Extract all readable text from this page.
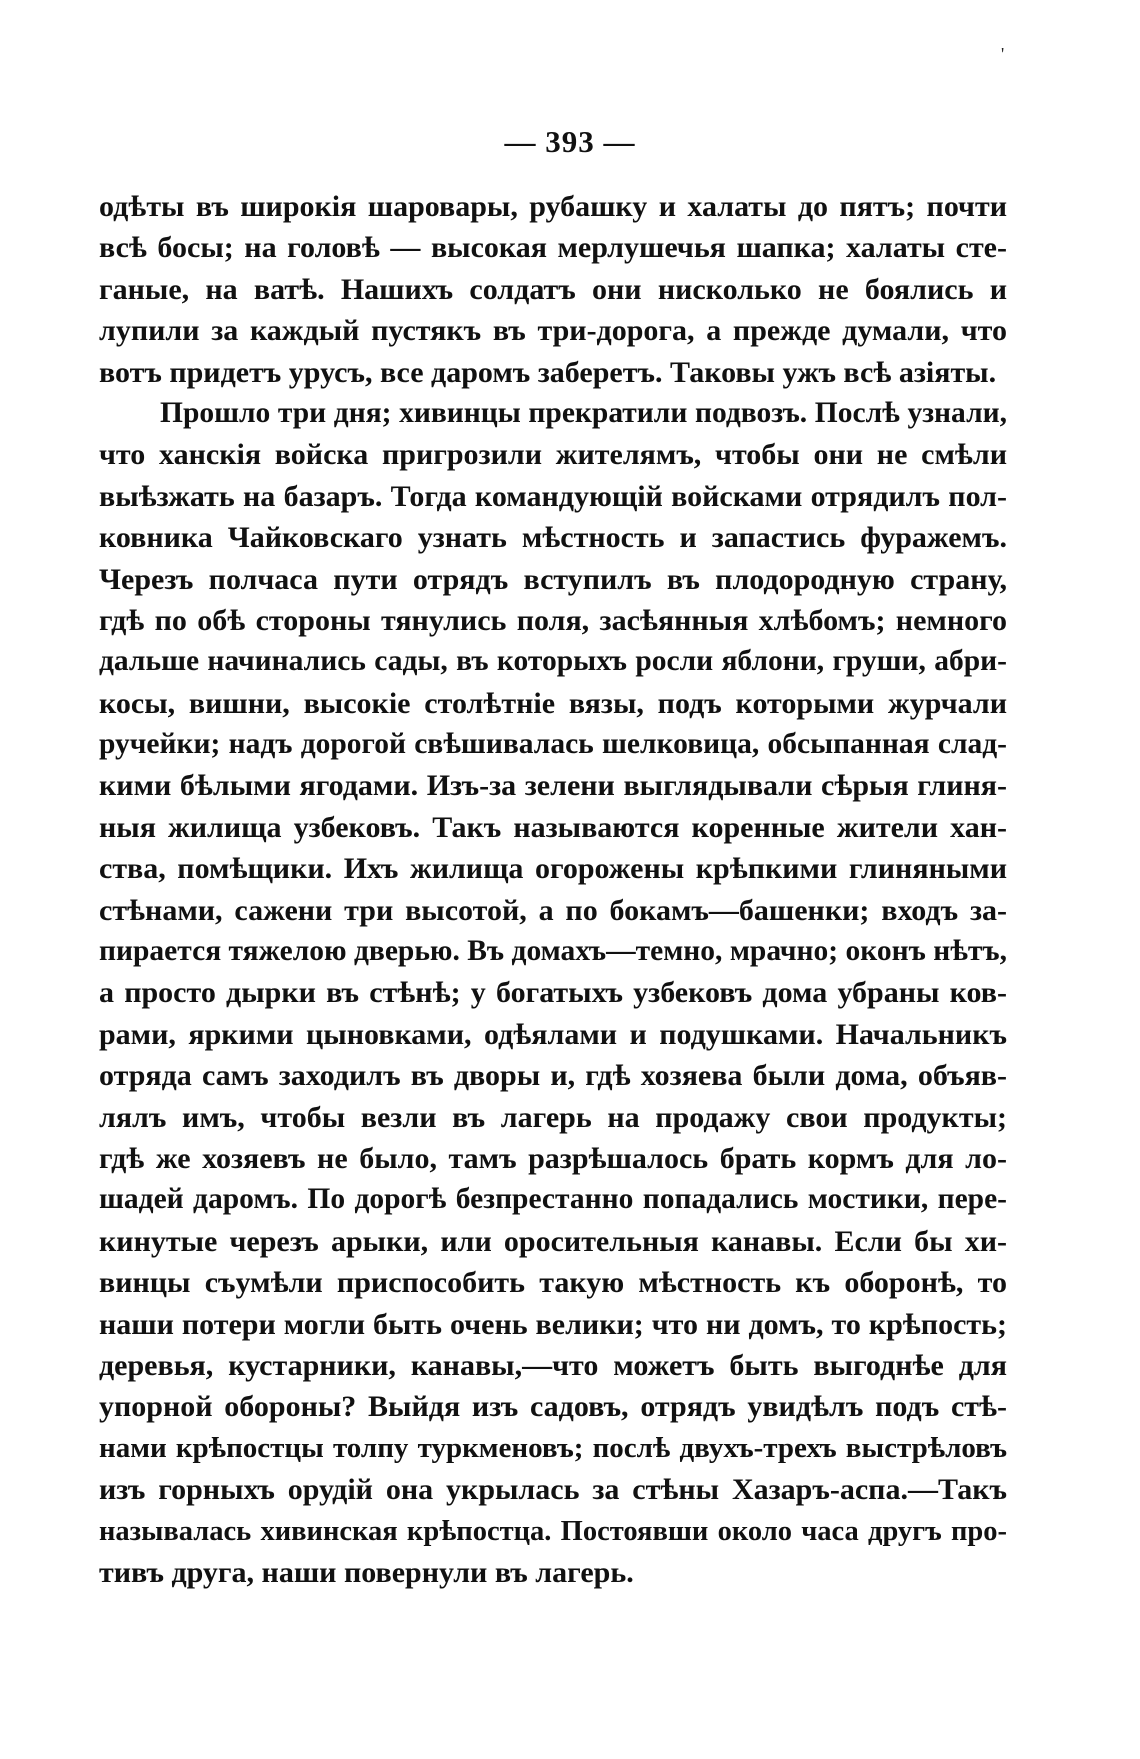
'
— 393 —
одѣты въ широкія шаровары, рубашку и халаты до пятъ; почти
всѣ босы; на головѣ — высокая мерлушечья шапка; халаты сте-
ганые, на ватѣ. Нашихъ солдатъ они нисколько не боялись и
лупили за каждый пустякъ въ три-дорога, а прежде думали, что
вотъ придетъ урусъ, все даромъ заберетъ. Таковы ужъ всѣ азіяты.
Прошло три дня; хивинцы прекратили подвозъ. Послѣ узнали,
что ханскія войска пригрозили жителямъ, чтобы они не смѣли
выѣзжать на базаръ. Тогда командующій войсками отрядилъ пол-
ковника Чайковскаго узнать мѣстность и запастись фуражемъ.
Черезъ полчаса пути отрядъ вступилъ въ плодородную страну,
гдѣ по обѣ стороны тянулись поля, засѣянныя хлѣбомъ; немного
дальше начинались сады, въ которыхъ росли яблони, груши, абри-
косы, вишни, высокіе столѣтніе вязы, подъ которыми журчали
ручейки; надъ дорогой свѣшивалась шелковица, обсыпанная слад-
кими бѣлыми ягодами. Изъ-за зелени выглядывали сѣрыя глиня-
ныя жилища узбековъ. Такъ называются коренные жители хан-
ства, помѣщики. Ихъ жилища огорожены крѣпкими глиняными
стѣнами, сажени три высотой, а по бокамъ—башенки; входъ за-
пирается тяжелою дверью. Въ домахъ—темно, мрачно; оконъ нѣтъ,
а просто дырки въ стѣнѣ; у богатыхъ узбековъ дома убраны ков-
рами, яркими цыновками, одѣялами и подушками. Начальникъ
отряда самъ заходилъ въ дворы и, гдѣ хозяева были дома, объяв-
лялъ имъ, чтобы везли въ лагерь на продажу свои продукты;
гдѣ же хозяевъ не было, тамъ разрѣшалось брать кормъ для ло-
шадей даромъ. По дорогѣ безпрестанно попадались мостики, пере-
кинутые черезъ арыки, или оросительныя канавы. Если бы хи-
винцы съумѣли приспособить такую мѣстность къ оборонѣ, то
наши потери могли быть очень велики; что ни домъ, то крѣпость;
деревья, кустарники, канавы,—что можетъ быть выгоднѣе для
упорной обороны? Выйдя изъ садовъ, отрядъ увидѣлъ подъ стѣ-
нами крѣпостцы толпу туркменовъ; послѣ двухъ-трехъ выстрѣловъ
изъ горныхъ орудій она укрылась за стѣны Хазаръ-аспа.—Такъ
называлась хивинская крѣпостца. Постоявши около часа другъ про-
тивъ друга, наши повернули въ лагерь.
